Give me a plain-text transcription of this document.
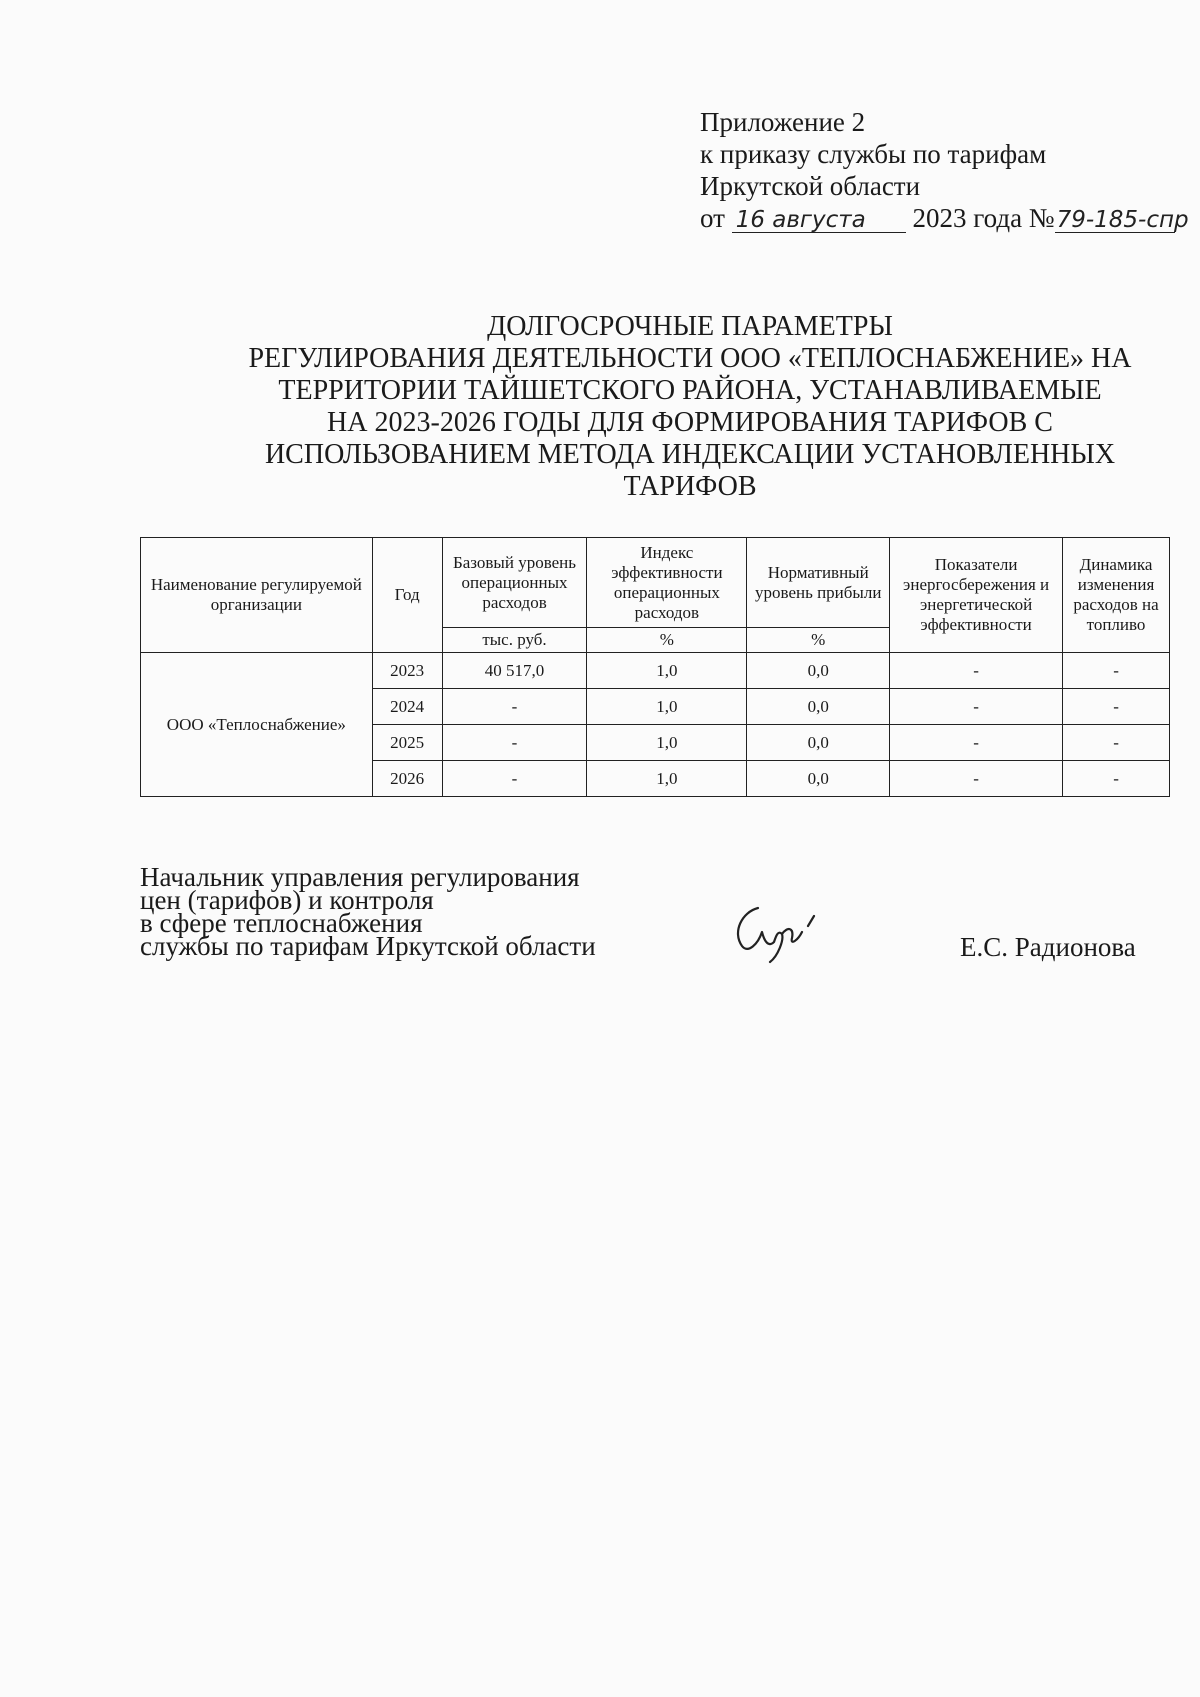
Приложение 2
к приказу службы по тарифам
Иркутской области
от 16 августа 2023 года №79-185-спр
ДОЛГОСРОЧНЫЕ ПАРАМЕТРЫ
РЕГУЛИРОВАНИЯ ДЕЯТЕЛЬНОСТИ ООО «ТЕПЛОСНАБЖЕНИЕ» НА
ТЕРРИТОРИИ ТАЙШЕТСКОГО РАЙОНА, УСТАНАВЛИВАЕМЫЕ
НА 2023-2026 ГОДЫ ДЛЯ ФОРМИРОВАНИЯ ТАРИФОВ С
ИСПОЛЬЗОВАНИЕМ МЕТОДА ИНДЕКСАЦИИ УСТАНОВЛЕННЫХ
ТАРИФОВ
Наименование регулируемой организации	Год	Базовый уровень операционных расходов	Индекс эффективности операционных расходов	Нормативный уровень прибыли	Показатели энергосбережения и энергетической эффективности	Динамика изменения расходов на топливо
		тыс. руб.	%	%		
ООО «Теплоснабжение»	2023	40 517,0	1,0	0,0	-	-
	2024	-	1,0	0,0	-	-
	2025	-	1,0	0,0	-	-
	2026	-	1,0	0,0	-	-
Начальник управления регулирования
цен (тарифов) и контроля
в сфере теплоснабжения
службы по тарифам Иркутской области	Е.С. Радионова
